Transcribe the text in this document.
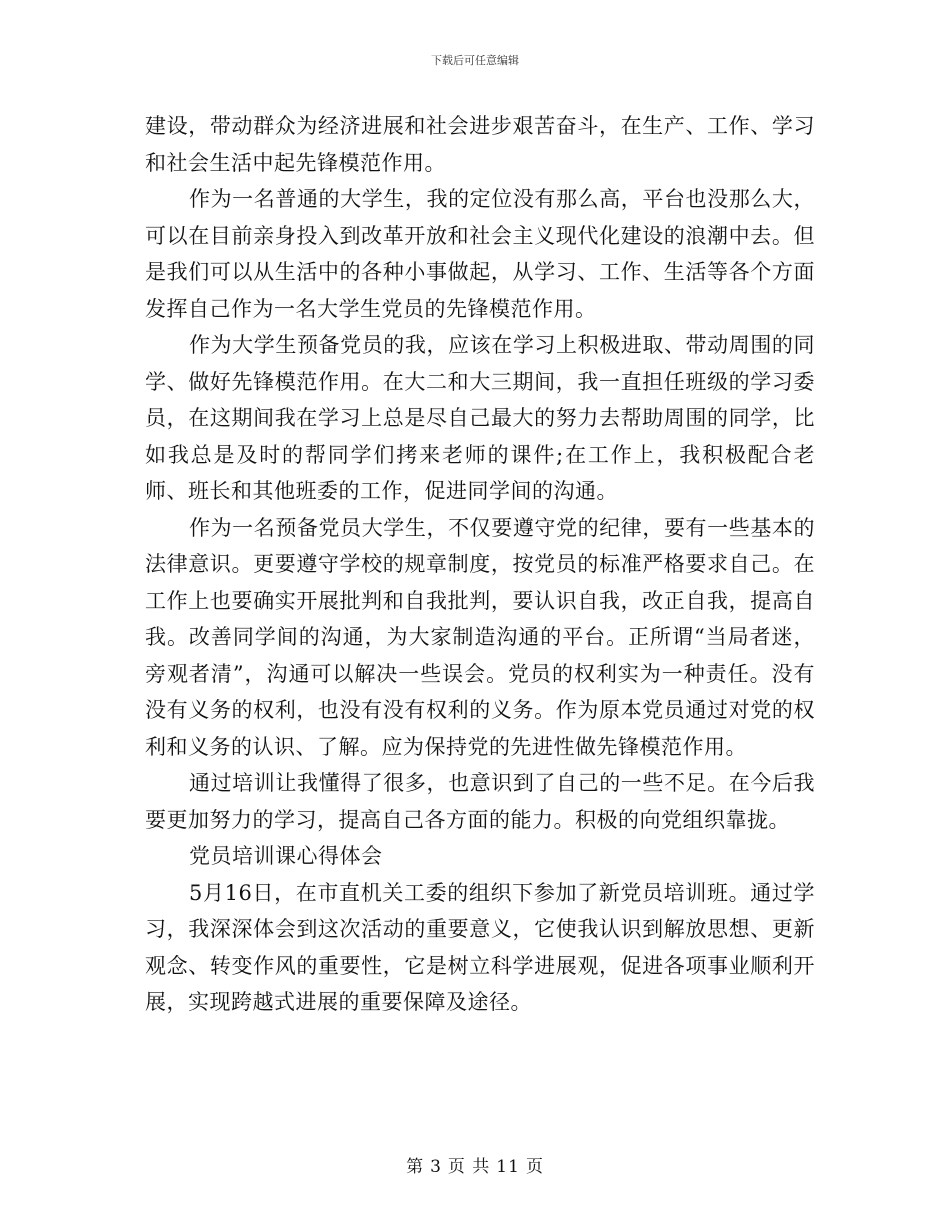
下载后可任意编辑

建设，带动群众为经济进展和社会进步艰苦奋斗，在生产、工作、学习和社会生活中起先锋模范作用。

作为一名普通的大学生，我的定位没有那么高，平台也没那么大，可以在目前亲身投入到改革开放和社会主义现代化建设的浪潮中去。但是我们可以从生活中的各种小事做起，从学习、工作、生活等各个方面发挥自己作为一名大学生党员的先锋模范作用。

作为大学生预备党员的我，应该在学习上积极进取、带动周围的同学、做好先锋模范作用。在大二和大三期间，我一直担任班级的学习委员，在这期间我在学习上总是尽自己最大的努力去帮助周围的同学，比如我总是及时的帮同学们拷来老师的课件;在工作上，我积极配合老师、班长和其他班委的工作，促进同学间的沟通。

作为一名预备党员大学生，不仅要遵守党的纪律，要有一些基本的法律意识。更要遵守学校的规章制度，按党员的标准严格要求自己。在工作上也要确实开展批判和自我批判，要认识自我，改正自我，提高自我。改善同学间的沟通，为大家制造沟通的平台。正所谓“当局者迷，旁观者清”，沟通可以解决一些误会。党员的权利实为一种责任。没有没有义务的权利，也没有没有权利的义务。作为原本党员通过对党的权利和义务的认识、了解。应为保持党的先进性做先锋模范作用。

通过培训让我懂得了很多，也意识到了自己的一些不足。在今后我要更加努力的学习，提高自己各方面的能力。积极的向党组织靠拢。

党员培训课心得体会

5月16日，在市直机关工委的组织下参加了新党员培训班。通过学习，我深深体会到这次活动的重要意义，它使我认识到解放思想、更新观念、转变作风的重要性，它是树立科学进展观，促进各项事业顺利开展，实现跨越式进展的重要保障及途径。

第 3 页 共 11 页
